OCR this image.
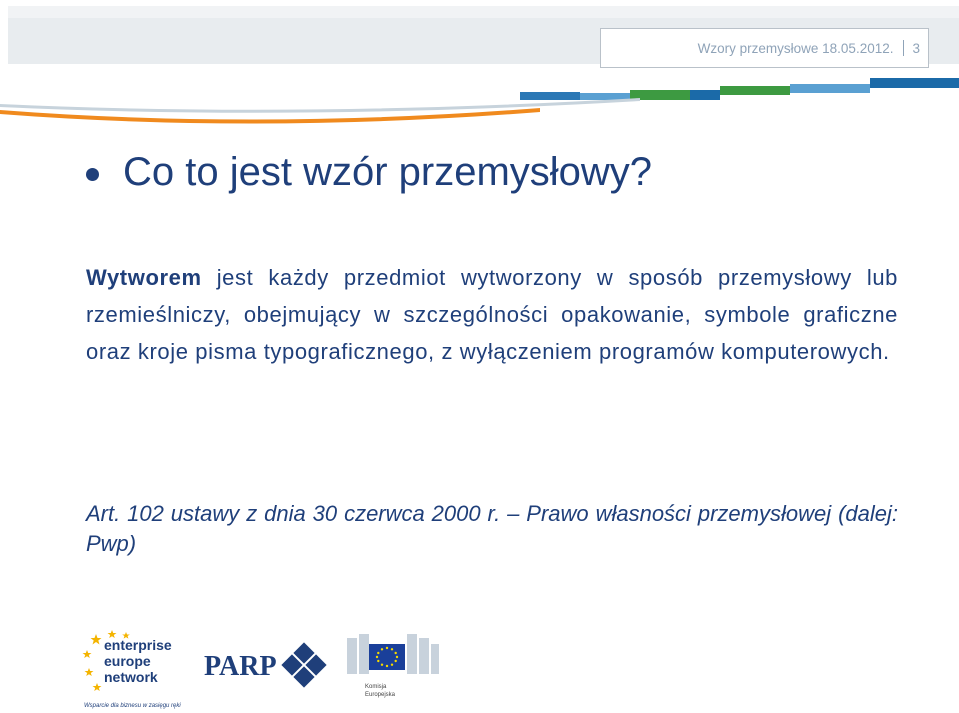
Wzory przemysłowe
18.05.2012. 3
Co to jest wzór przemysłowy?

Wytworem jest każdy przedmiot wytworzony w sposób przemysłowy lub rzemieślniczy, obejmujący w szczególności opakowanie, symbole graficzne oraz kroje pisma typograficznego, z wyłączeniem programów komputerowych.

Art. 102 ustawy z dnia 30 czerwca 2000 r. – Prawo własności przemysłowej (dalej: Pwp)

enterprise
europe
network
Wsparcie dla biznesu w zasięgu ręki
PARP
Komisja
Europejska
